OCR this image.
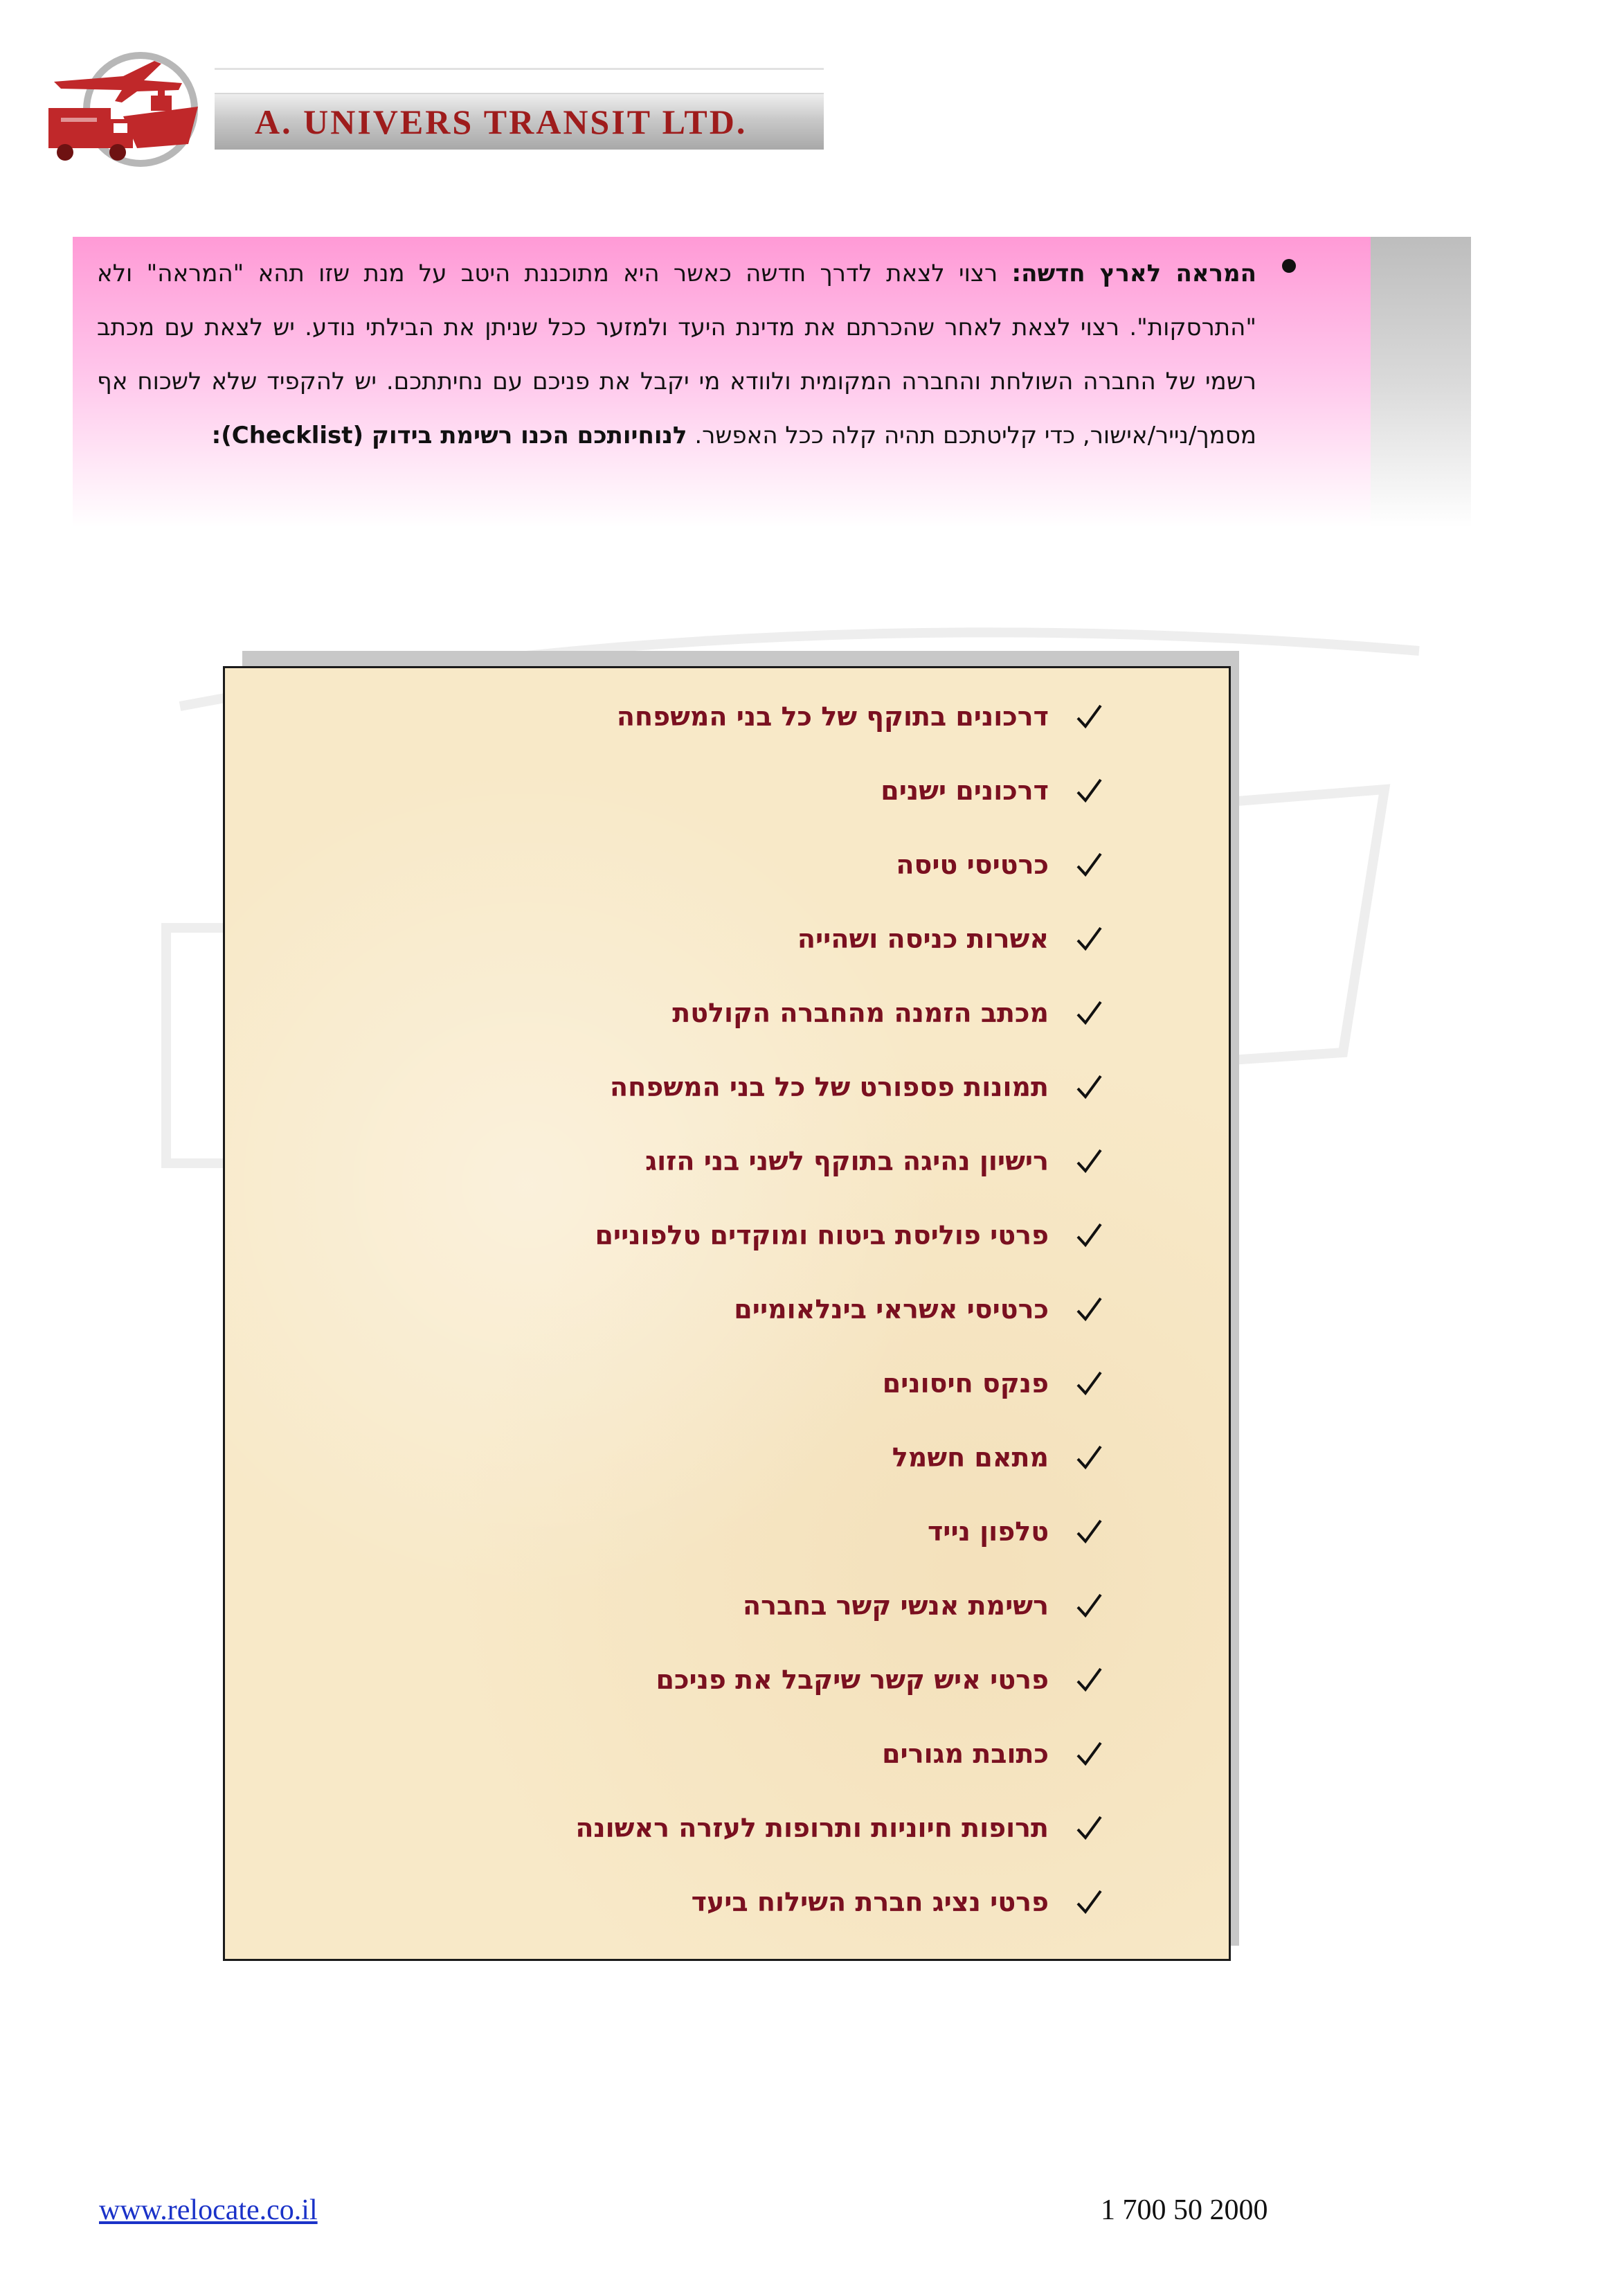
A. UNIVERS TRANSIT LTD.
המראה לארץ חדשה: רצוי לצאת לדרך חדשה כאשר היא מתוכננת היטב על מנת שזו תהא "המראה" ולא "התרסקות". רצוי לצאת לאחר שהכרתם את מדינת היעד ולמזער ככל שניתן את הבילתי נודע. יש לצאת עם מכתב רשמי של החברה השולחת והחברה המקומית ולוודא מי יקבל את פניכם עם נחיתתכם. יש להקפיד שלא לשכוח אף מסמך/נייר/אישור, כדי קליטתכם תהיה קלה ככל האפשר. לנוחיותכם הכנו רשימת בידוק (Checklist):
דרכונים בתוקף של כל בני המשפחה
דרכונים ישנים
כרטיסי טיסה
אשרות כניסה ושהייה
מכתב הזמנה מהחברה הקולטת
תמונות פספורט של כל בני המשפחה
רישיון נהיגה בתוקף לשני בני הזוג
פרטי פוליסת ביטוח ומוקדים טלפוניים
כרטיסי אשראי בינלאומיים
פנקס חיסונים
מתאם חשמל
טלפון נייד
רשימת אנשי קשר בחברה
פרטי איש קשר שיקבל את פניכם
כתובת מגורים
תרופות חיוניות ותרופות לעזרה ראשונה
פרטי נציג חברת השילוח ביעד
www.relocate.co.il	1 700 50 2000
